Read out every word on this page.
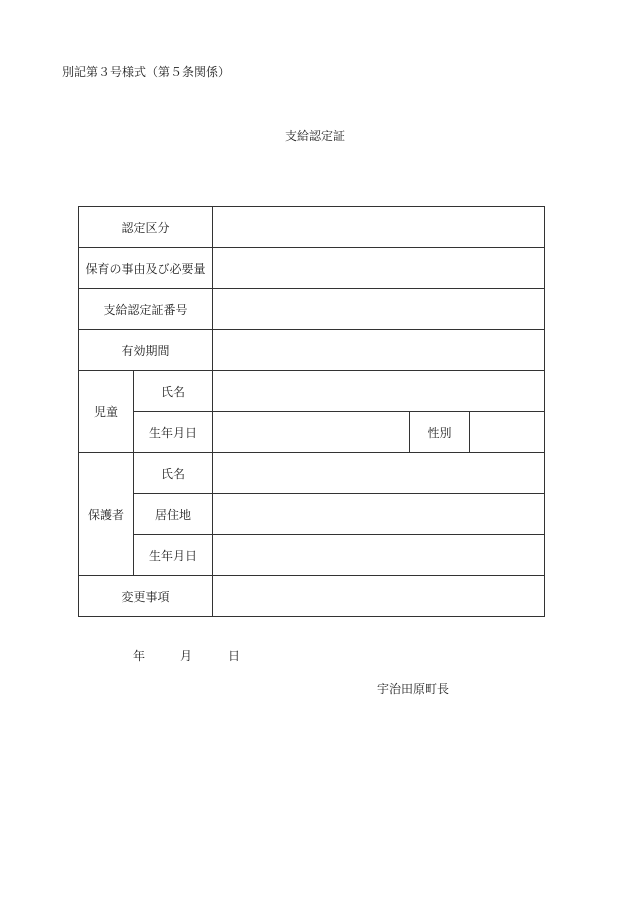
別記第３号様式（第５条関係）
支給認定証
認定区分				
保育の事由及び必要量				
支給認定証番号				
有効期間				
児童	氏名			
	生年月日		性別	
保護者	氏名			
	居住地			
	生年月日			
変更事項				
年	月	日
宇治田原町長
